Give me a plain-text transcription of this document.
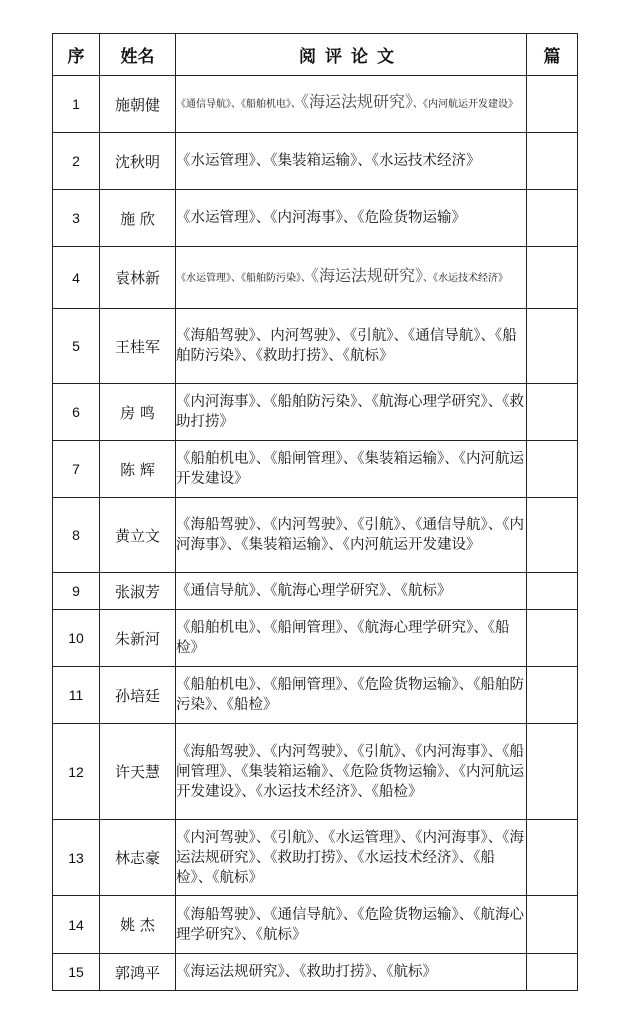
序	姓名	阅评论文	篇
1	施朝健	《通信导航》、《船舶机电》、《海运法规研究》、《内河航运开发建设》	
2	沈秋明	《水运管理》、《集装箱运输》、《水运技术经济》	
3	施 欣	《水运管理》、《内河海事》、《危险货物运输》	
4	袁林新	《水运管理》、《船舶防污染》、《海运法规研究》、《水运技术经济》	
5	王桂军	《海船驾驶》、内河驾驶》、《引航》、《通信导航》、《船舶防污染》、《救助打捞》、《航标》	
6	房 鸣	《内河海事》、《船舶防污染》、《航海心理学研究》、《救助打捞》	
7	陈 辉	《船舶机电》、《船闸管理》、《集装箱运输》、《内河航运开发建设》	
8	黄立文	《海船驾驶》、《内河驾驶》、《引航》、《通信导航》、《内河海事》、《集装箱运输》、《内河航运开发建设》	
9	张淑芳	《通信导航》、《航海心理学研究》、《航标》	
10	朱新河	《船舶机电》、《船闸管理》、《航海心理学研究》、《船检》	
11	孙培廷	《船舶机电》、《船闸管理》、《危险货物运输》、《船舶防污染》、《船检》	
12	许天慧	《海船驾驶》、《内河驾驶》、《引航》、《内河海事》、《船闸管理》、《集装箱运输》、《危险货物运输》、《内河航运开发建设》、《水运技术经济》、《船检》	
13	林志豪	《内河驾驶》、《引航》、《水运管理》、《内河海事》、《海运法规研究》、《救助打捞》、《水运技术经济》、《船检》、《航标》	
14	姚 杰	《海船驾驶》、《通信导航》、《危险货物运输》、《航海心理学研究》、《航标》	
15	郭鸿平	《海运法规研究》、《救助打捞》、《航标》	
